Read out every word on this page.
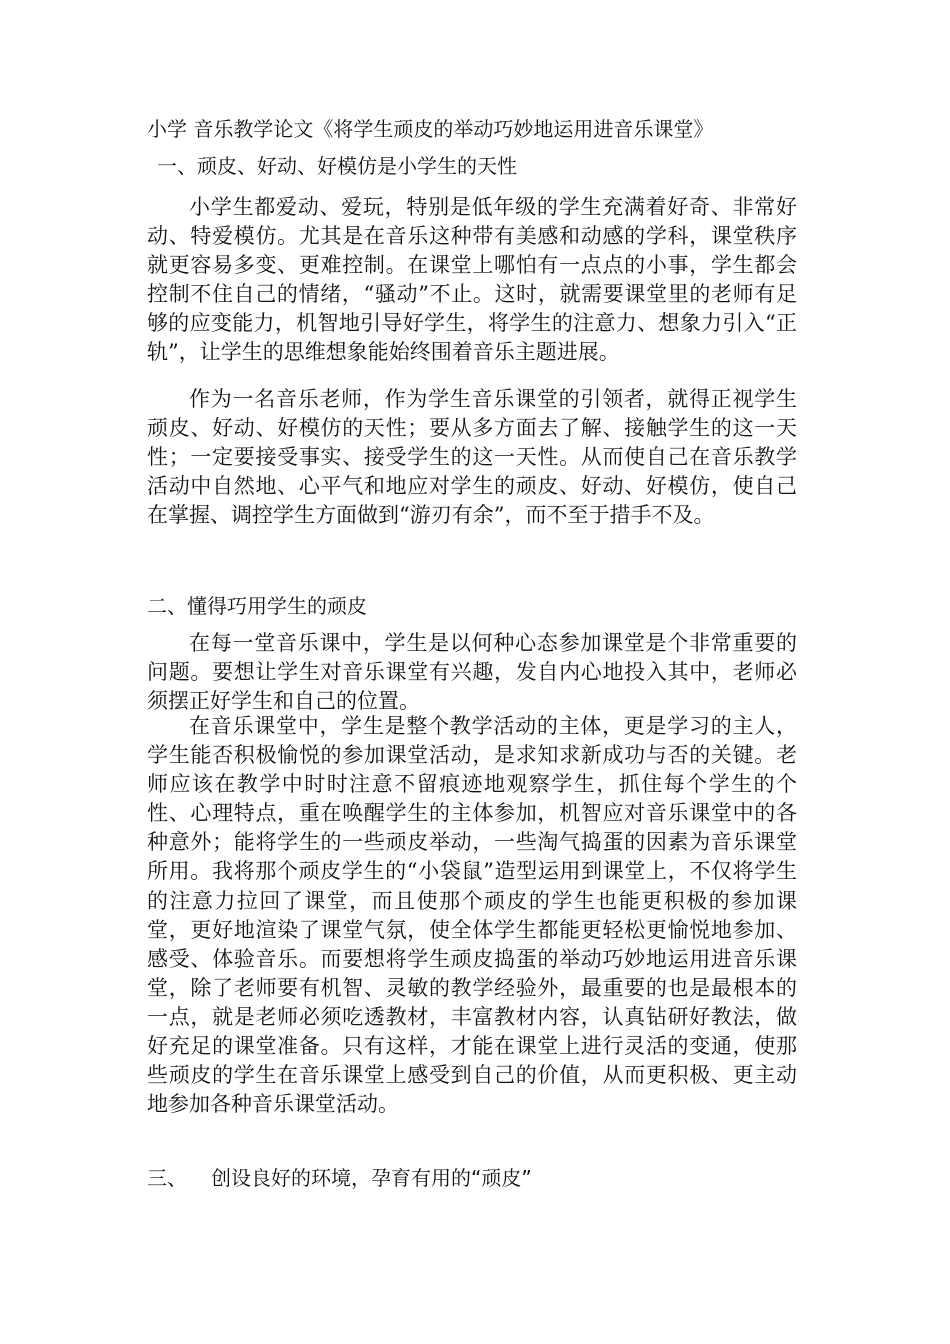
小学 音乐教学论文《将学生顽皮的举动巧妙地运用进音乐课堂》
一、顽皮、好动、好模仿是小学生的天性

小学生都爱动、爱玩，特别是低年级的学生充满着好奇、非常好动、特爱模仿。尤其是在音乐这种带有美感和动感的学科，课堂秩序就更容易多变、更难控制。在课堂上哪怕有一点点的小事，学生都会控制不住自己的情绪，“骚动”不止。这时，就需要课堂里的老师有足够的应变能力，机智地引导好学生，将学生的注意力、想象力引入“正轨”，让学生的思维想象能始终围着音乐主题进展。

作为一名音乐老师，作为学生音乐课堂的引领者，就得正视学生顽皮、好动、好模仿的天性；要从多方面去了解、接触学生的这一天性；一定要接受事实、接受学生的这一天性。从而使自己在音乐教学活动中自然地、心平气和地应对学生的顽皮、好动、好模仿，使自己在掌握、调控学生方面做到“游刃有余”，而不至于措手不及。

二、懂得巧用学生的顽皮

在每一堂音乐课中，学生是以何种心态参加课堂是个非常重要的问题。要想让学生对音乐课堂有兴趣，发自内心地投入其中，老师必须摆正好学生和自己的位置。

在音乐课堂中，学生是整个教学活动的主体，更是学习的主人，学生能否积极愉悦的参加课堂活动，是求知求新成功与否的关键。老师应该在教学中时时注意不留痕迹地观察学生，抓住每个学生的个性、心理特点，重在唤醒学生的主体参加，机智应对音乐课堂中的各种意外；能将学生的一些顽皮举动，一些淘气捣蛋的因素为音乐课堂所用。我将那个顽皮学生的“小袋鼠”造型运用到课堂上，不仅将学生的注意力拉回了课堂，而且使那个顽皮的学生也能更积极的参加课堂，更好地渲染了课堂气氛，使全体学生都能更轻松更愉悦地参加、感受、体验音乐。而要想将学生顽皮捣蛋的举动巧妙地运用进音乐课堂，除了老师要有机智、灵敏的教学经验外，最重要的也是最根本的一点，就是老师必须吃透教材，丰富教材内容，认真钻研好教法，做好充足的课堂准备。只有这样，才能在课堂上进行灵活的变通，使那些顽皮的学生在音乐课堂上感受到自己的价值，从而更积极、更主动地参加各种音乐课堂活动。

三、 创设良好的环境，孕育有用的“顽皮”
